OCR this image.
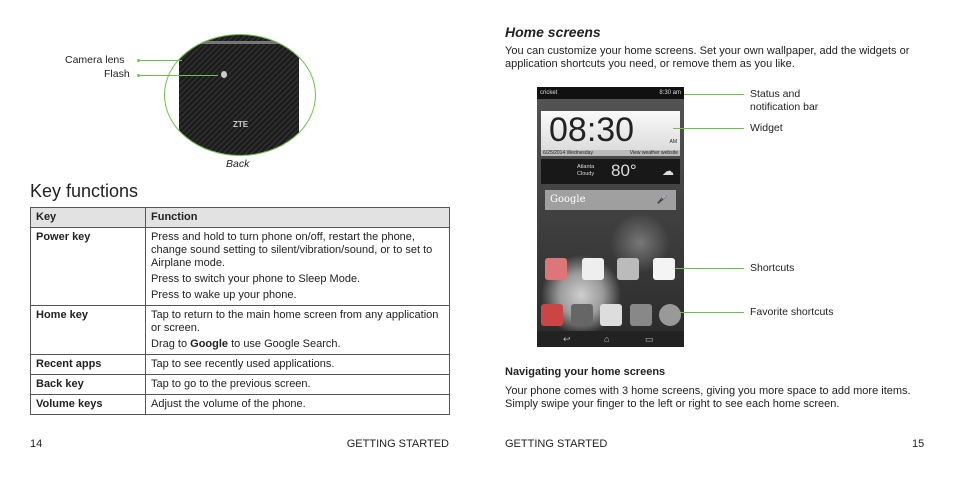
Camera lens
Flash
ZTE
Back
Key functions
Key	Function
Power key	Press and hold to turn phone on/off, restart the phone, change sound setting to silent/vibration/sound, or to set to Airplane mode.

Press to switch your phone to Sleep Mode.

Press to wake up your phone.

Home key	Tap to return to the main home screen from any application or screen.

Drag to Google to use Google Search.

Recent apps	Tap to see recently used applications.
Back key	Tap to go to the previous screen.
Volume keys	Adjust the volume of the phone.
14	GETTING STARTED
Home screens
You can customize your home screens. Set your own wallpaper, add the widgets or application shortcuts you need, or remove them as you like.
cricket	8:30 am
08:30	AM
6/25/2014 Wednesday	View weather website
Atlanta
Cloudy 80° ☁
Google	🎤
↩	⌂	▭
Status and notification bar
Widget
Shortcuts
Favorite shortcuts
Navigating your home screens
Your phone comes with 3 home screens, giving you more space to add more items. Simply swipe your finger to the left or right to see each home screen.
GETTING STARTED	15
